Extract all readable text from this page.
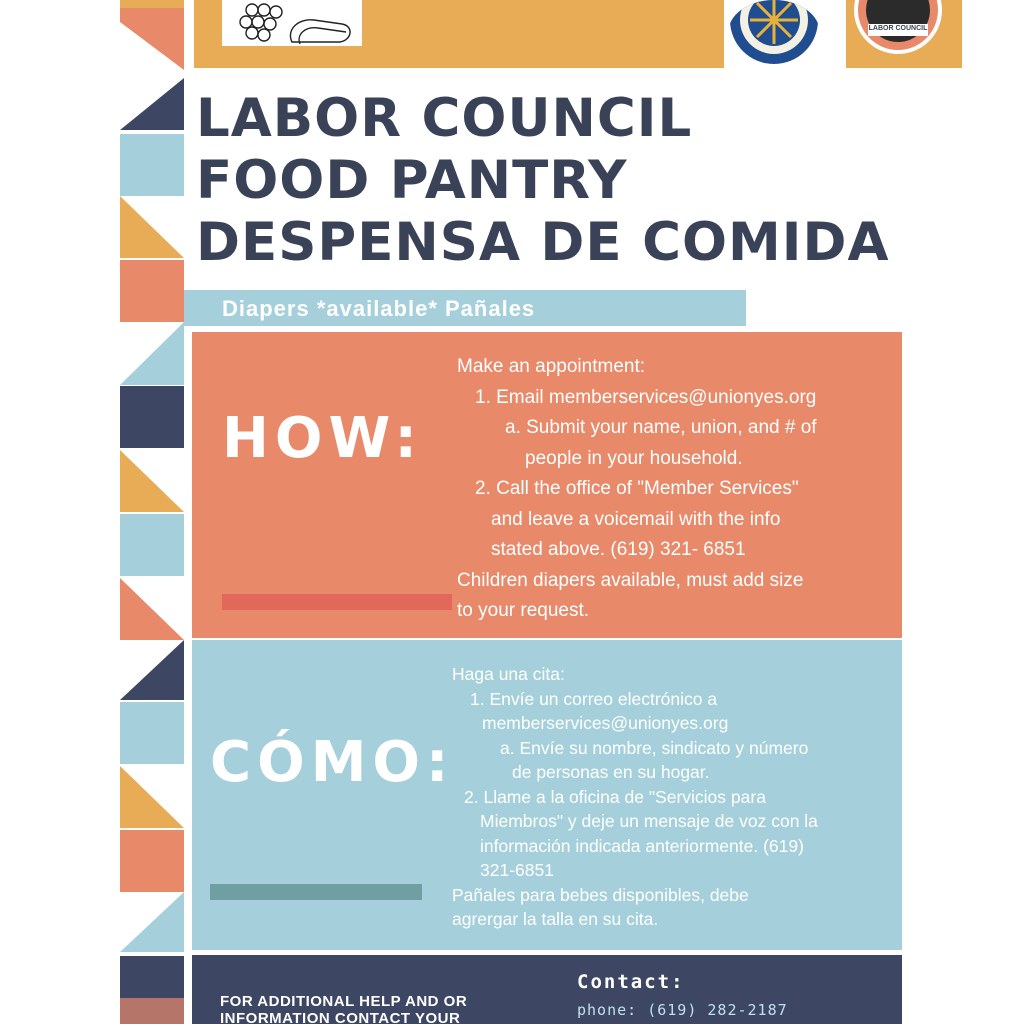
LABOR COUNCIL
LABOR COUNCIL
FOOD PANTRY
DESPENSA DE COMIDA
Diapers *available* Pañales
HOW:
Make an appointment:
1. Email memberservices@unionyes.org
a. Submit your name, union, and # of
people in your household.
2. Call the office of "Member Services"
and leave a voicemail with the info
stated above. (619) 321- 6851
Children diapers available, must add size
to your request.
CÓMO:
Haga una cita:
1. Envíe un correo electrónico a
memberservices@unionyes.org
a. Envíe su nombre, sindicato y número
de personas en su hogar.
2. Llame a la oficina de "Servicios para
Miembros" y deje un mensaje de voz con la
información indicada anteriormente. (619)
321-6851
Pañales para bebes disponibles, debe
agrergar la talla en su cita.
FOR ADDITIONAL HELP AND OR
INFORMATION CONTACT YOUR
Contact:
phone: (619) 282-2187
